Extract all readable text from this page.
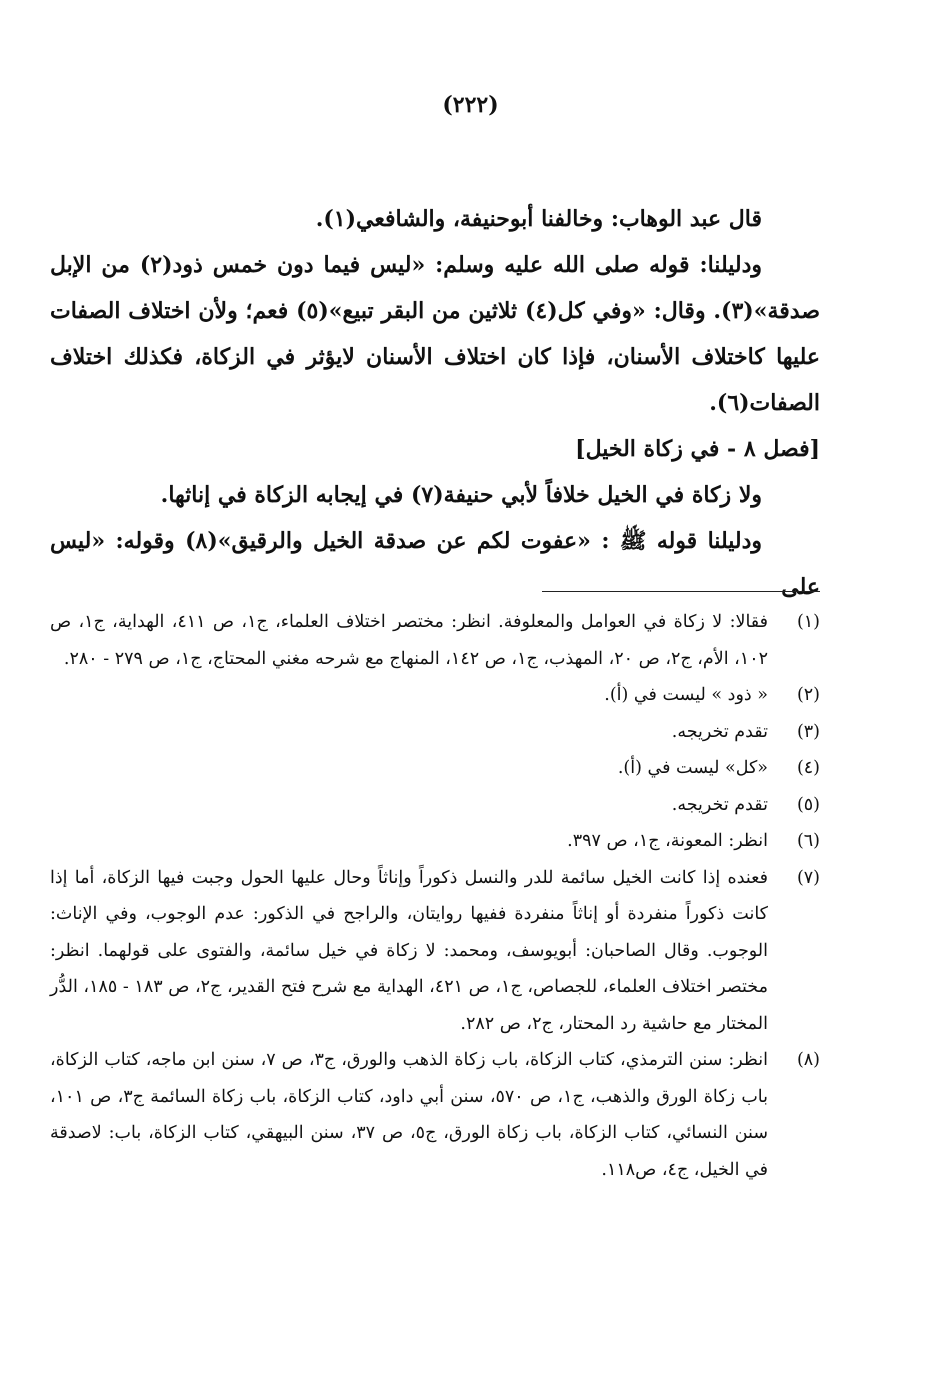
(٢٢٢)

قال عبد الوهاب: وخالفنا أبوحنيفة، والشافعي(١).

ودليلنا: قوله صلى الله عليه وسلم: «ليس فيما دون خمس ذود(٢) من الإبل صدقة»(٣). وقال: «وفي كل(٤) ثلاثين من البقر تبيع»(٥) فعم؛ ولأن اختلاف الصفات عليها كاختلاف الأسنان، فإذا كان اختلاف الأسنان لايؤثر في الزكاة، فكذلك اختلاف الصفات(٦).

[فصل ٨ - في زكاة الخيل]

ولا زكاة في الخيل خلافاً لأبي حنيفة(٧) في إيجابه الزكاة في إناثها.

ودليلنا قوله ﷺ : «عفوت لكم عن صدقة الخيل والرقيق»(٨) وقوله: «ليس على

(١)
فقالا: لا زكاة في العوامل والمعلوفة. انظر: مختصر اختلاف العلماء، ج١، ص ٤١١، الهداية، ج١، ص ١٠٢، الأم، ج٢، ص ٢٠، المهذب، ج١، ص ١٤٢، المنهاج مع شرحه مغني المحتاج، ج١، ص ٢٧٩ - ٢٨٠.
(٢)
« ذود » ليست في (أ).
(٣)
تقدم تخريجه.
(٤)
«كل» ليست في (أ).
(٥)
تقدم تخريجه.
(٦)
انظر: المعونة، ج١، ص ٣٩٧.
(٧)
فعنده إذا كانت الخيل سائمة للدر والنسل ذكوراً وإناثاً وحال عليها الحول وجبت فيها الزكاة، أما إذا كانت ذكوراً منفردة أو إناثاً منفردة ففيها روايتان، والراجح في الذكور: عدم الوجوب، وفي الإناث: الوجوب. وقال الصاحبان: أبويوسف، ومحمد: لا زكاة في خيل سائمة، والفتوى على قولهما. انظر: مختصر اختلاف العلماء، للجصاص، ج١، ص ٤٢١، الهداية مع شرح فتح القدير، ج٢، ص ١٨٣ - ١٨٥، الدُّر المختار مع حاشية رد المحتار، ج٢، ص ٢٨٢.
(٨)
انظر: سنن الترمذي، كتاب الزكاة، باب زكاة الذهب والورق، ج٣، ص ٧، سنن ابن ماجه، كتاب الزكاة، باب زكاة الورق والذهب، ج١، ص ٥٧٠، سنن أبي داود، كتاب الزكاة، باب زكاة السائمة ج٣، ص ١٠١، سنن النسائي، كتاب الزكاة، باب زكاة الورق، ج٥، ص ٣٧، سنن البيهقي، كتاب الزكاة، باب: لاصدقة في الخيل، ج٤، ص١١٨.
